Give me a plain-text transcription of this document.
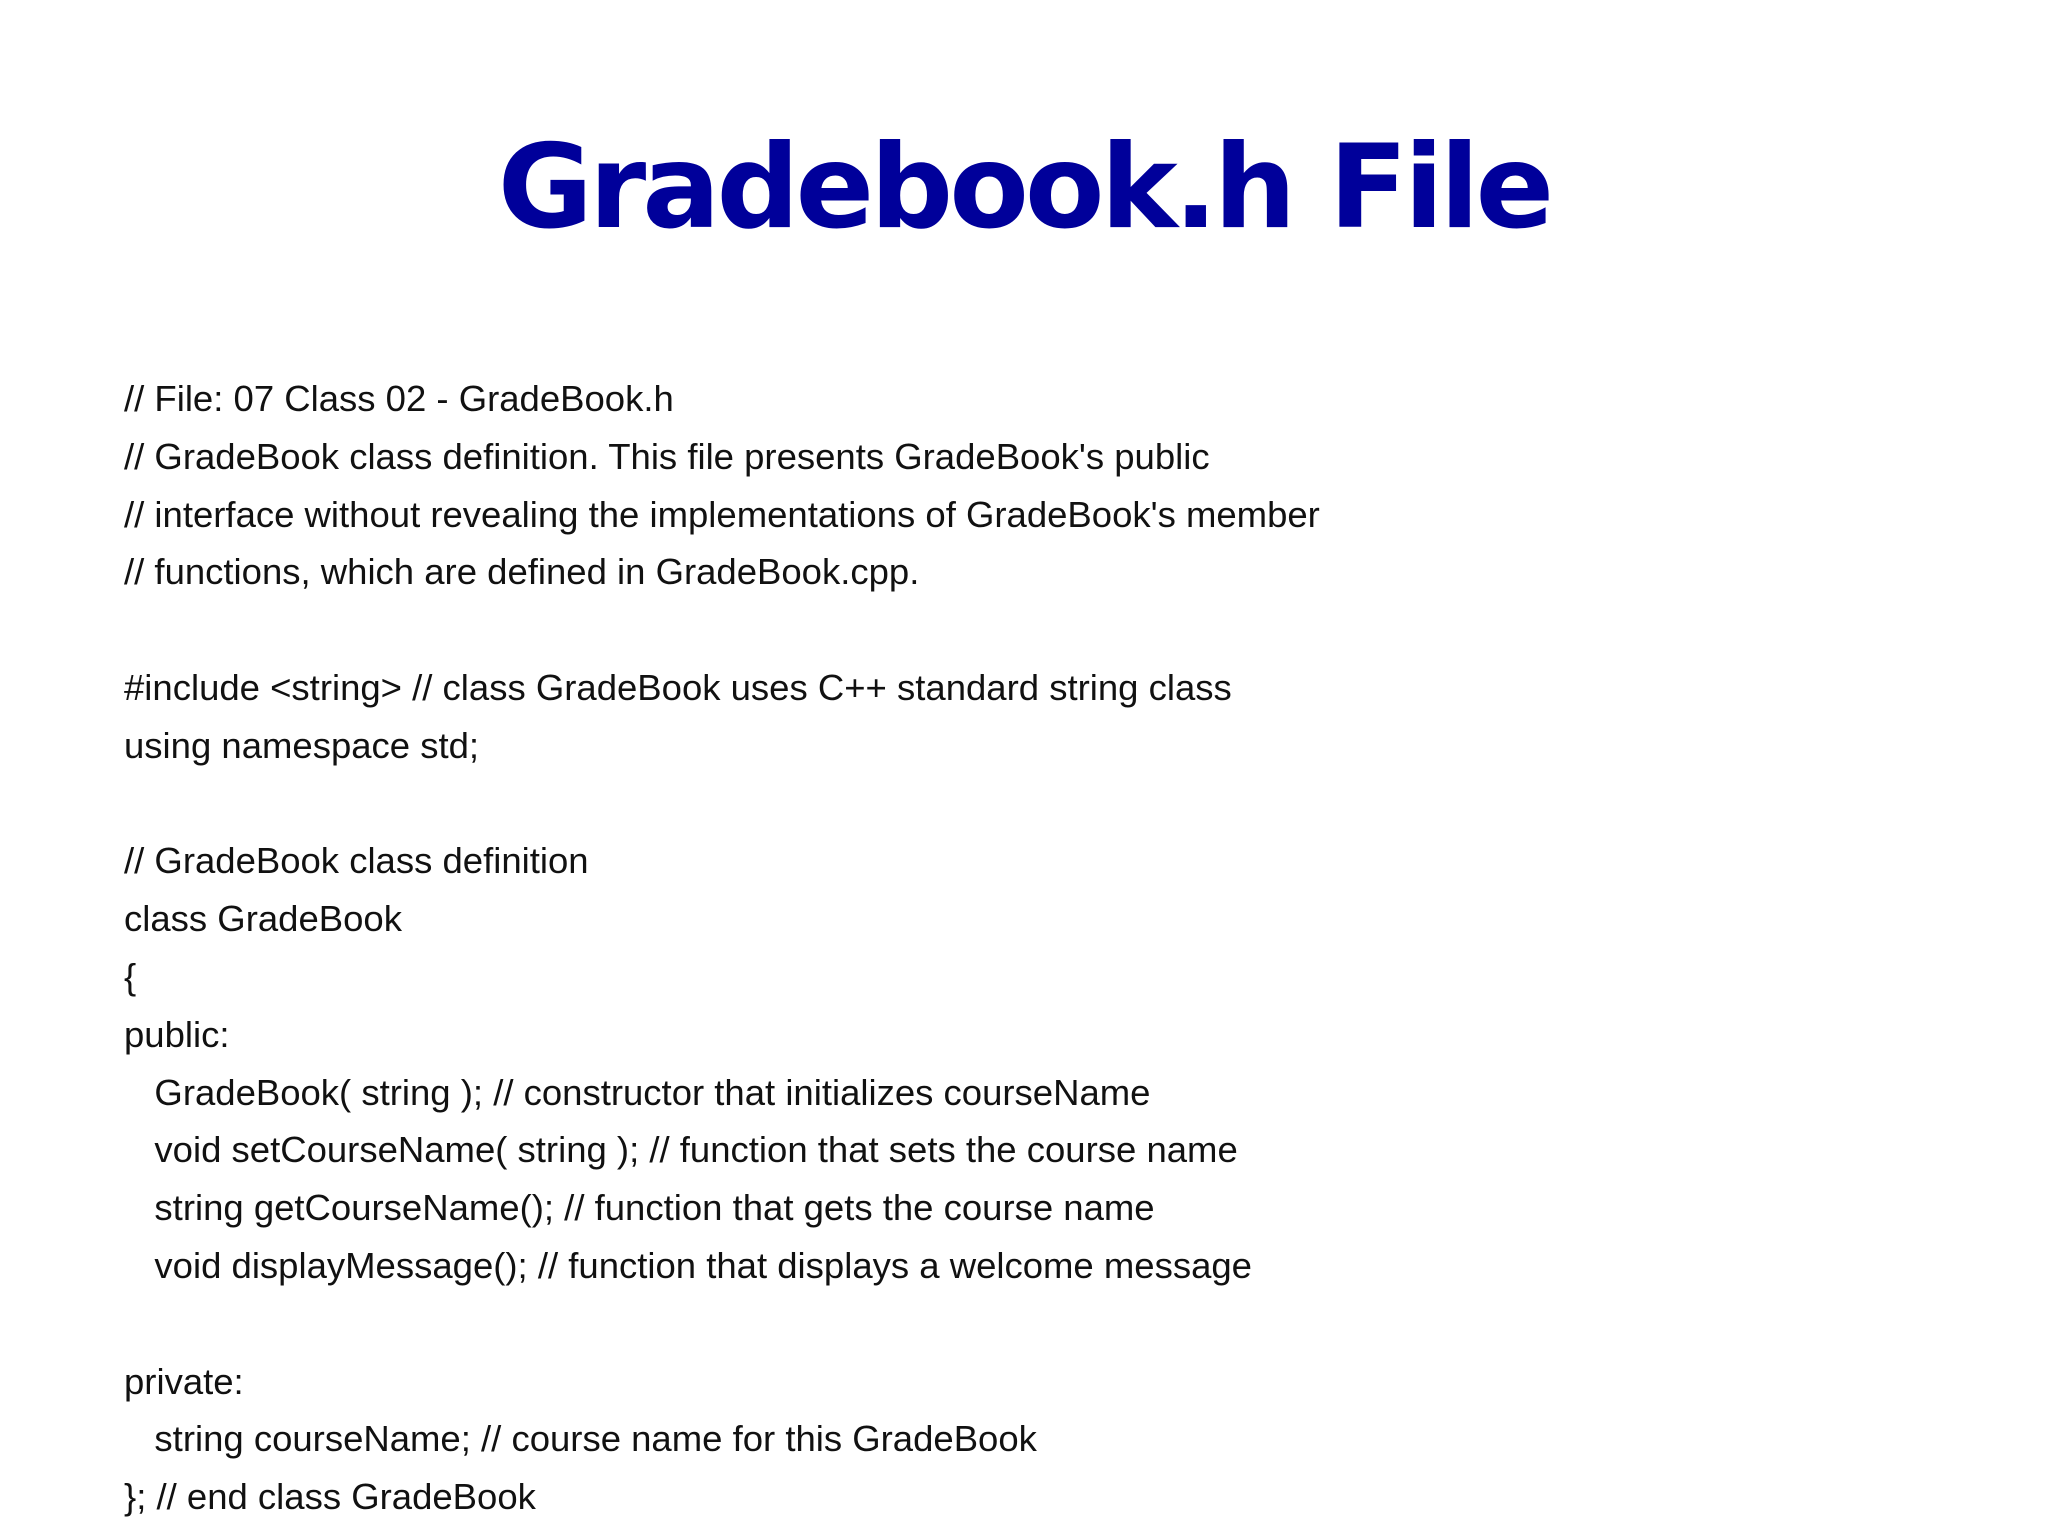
Gradebook.h File
// File: 07 Class 02 - GradeBook.h
// GradeBook class definition. This file presents GradeBook's public
// interface without revealing the implementations of GradeBook's member
// functions, which are defined in GradeBook.cpp.
#include <string> // class GradeBook uses C++ standard string class
using namespace std;
// GradeBook class definition
class GradeBook
{
public:
GradeBook( string ); // constructor that initializes courseName
void setCourseName( string ); // function that sets the course name
string getCourseName(); // function that gets the course name
void displayMessage(); // function that displays a welcome message
private:
string courseName; // course name for this GradeBook
}; // end class GradeBook
